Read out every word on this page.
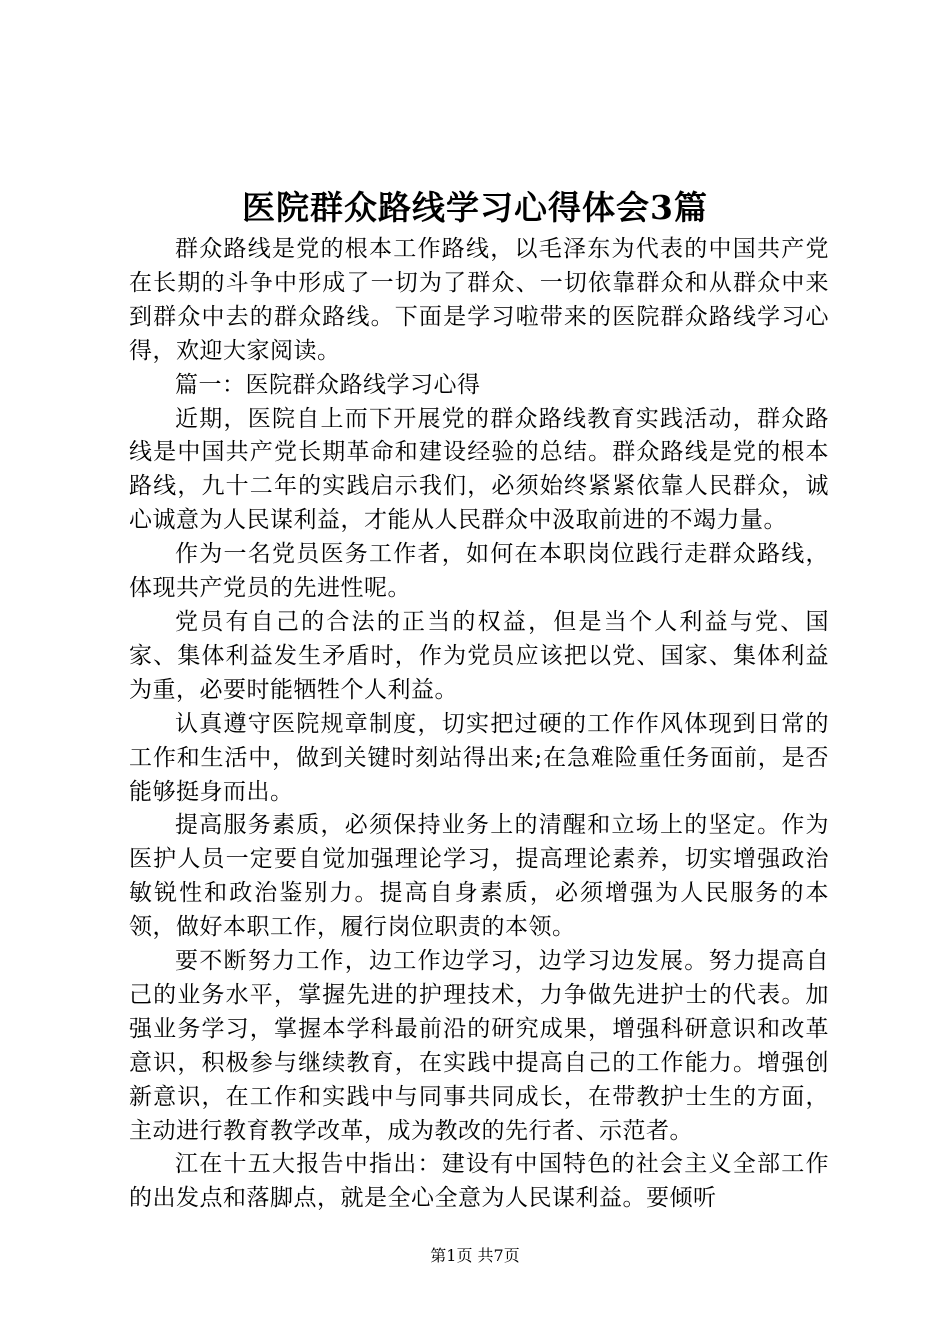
医院群众路线学习心得体会3篇

群众路线是党的根本工作路线，以毛泽东为代表的中国共产党在长期的斗争中形成了一切为了群众、一切依靠群众和从群众中来到群众中去的群众路线。下面是学习啦带来的医院群众路线学习心得，欢迎大家阅读。

篇一：医院群众路线学习心得

近期，医院自上而下开展党的群众路线教育实践活动，群众路线是中国共产党长期革命和建设经验的总结。群众路线是党的根本路线，九十二年的实践启示我们，必须始终紧紧依靠人民群众，诚心诚意为人民谋利益，才能从人民群众中汲取前进的不竭力量。

作为一名党员医务工作者，如何在本职岗位践行走群众路线，体现共产党员的先进性呢。

党员有自己的合法的正当的权益，但是当个人利益与党、国家、集体利益发生矛盾时，作为党员应该把以党、国家、集体利益为重，必要时能牺牲个人利益。

认真遵守医院规章制度，切实把过硬的工作作风体现到日常的工作和生活中，做到关键时刻站得出来;在急难险重任务面前，是否能够挺身而出。

提高服务素质，必须保持业务上的清醒和立场上的坚定。作为医护人员一定要自觉加强理论学习，提高理论素养，切实增强政治敏锐性和政治鉴别力。提高自身素质，必须增强为人民服务的本领，做好本职工作，履行岗位职责的本领。

要不断努力工作，边工作边学习，边学习边发展。努力提高自己的业务水平，掌握先进的护理技术，力争做先进护士的代表。加强业务学习，掌握本学科最前沿的研究成果，增强科研意识和改革意识，积极参与继续教育，在实践中提高自己的工作能力。增强创新意识，在工作和实践中与同事共同成长，在带教护士生的方面，主动进行教育教学改革，成为教改的先行者、示范者。

江在十五大报告中指出：建设有中国特色的社会主义全部工作的出发点和落脚点，就是全心全意为人民谋利益。要倾听

第1页 共7页
